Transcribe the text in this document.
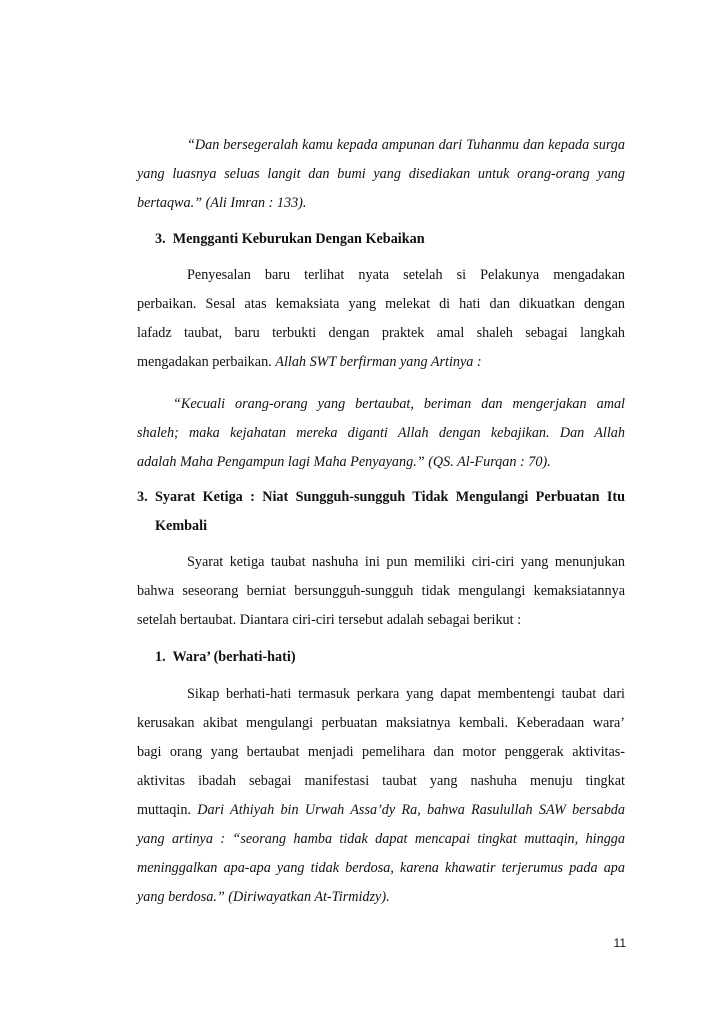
“Dan bersegeralah kamu kepada ampunan dari Tuhanmu dan kepada surga

yang luasnya seluas langit dan bumi yang disediakan untuk orang-orang yang

bertaqwa.” (Ali Imran : 133).

3.  Mengganti Keburukan Dengan Kebaikan

Penyesalan baru terlihat nyata setelah si Pelakunya mengadakan

perbaikan. Sesal atas kemaksiata yang melekat di hati dan dikuatkan dengan

lafadz taubat, baru terbukti dengan praktek amal shaleh sebagai langkah

mengadakan perbaikan. Allah SWT berfirman yang Artinya :

“Kecuali orang-orang yang bertaubat, beriman dan mengerjakan amal

shaleh; maka kejahatan mereka diganti Allah dengan kebajikan. Dan Allah

adalah Maha Pengampun lagi Maha Penyayang.” (QS. Al-Furqan : 70).

3. Syarat Ketiga : Niat Sungguh-sungguh Tidak Mengulangi Perbuatan Itu

Kembali

Syarat ketiga taubat nashuha ini pun memiliki ciri-ciri yang menunjukan

bahwa seseorang berniat bersungguh-sungguh tidak mengulangi kemaksiatannya

setelah bertaubat. Diantara ciri-ciri tersebut adalah sebagai berikut :

1.  Wara’ (berhati-hati)

Sikap berhati-hati termasuk perkara yang dapat membentengi taubat dari

kerusakan akibat mengulangi perbuatan maksiatnya kembali. Keberadaan wara’

bagi orang yang bertaubat menjadi pemelihara dan motor penggerak aktivitas-

aktivitas ibadah sebagai manifestasi taubat yang nashuha menuju tingkat

muttaqin. Dari Athiyah bin Urwah Assa’dy Ra, bahwa Rasulullah SAW bersabda

yang artinya : “seorang hamba tidak dapat mencapai tingkat muttaqin, hingga

meninggalkan apa-apa yang tidak berdosa, karena khawatir terjerumus pada apa

yang berdosa.” (Diriwayatkan At-Tirmidzy).

11
